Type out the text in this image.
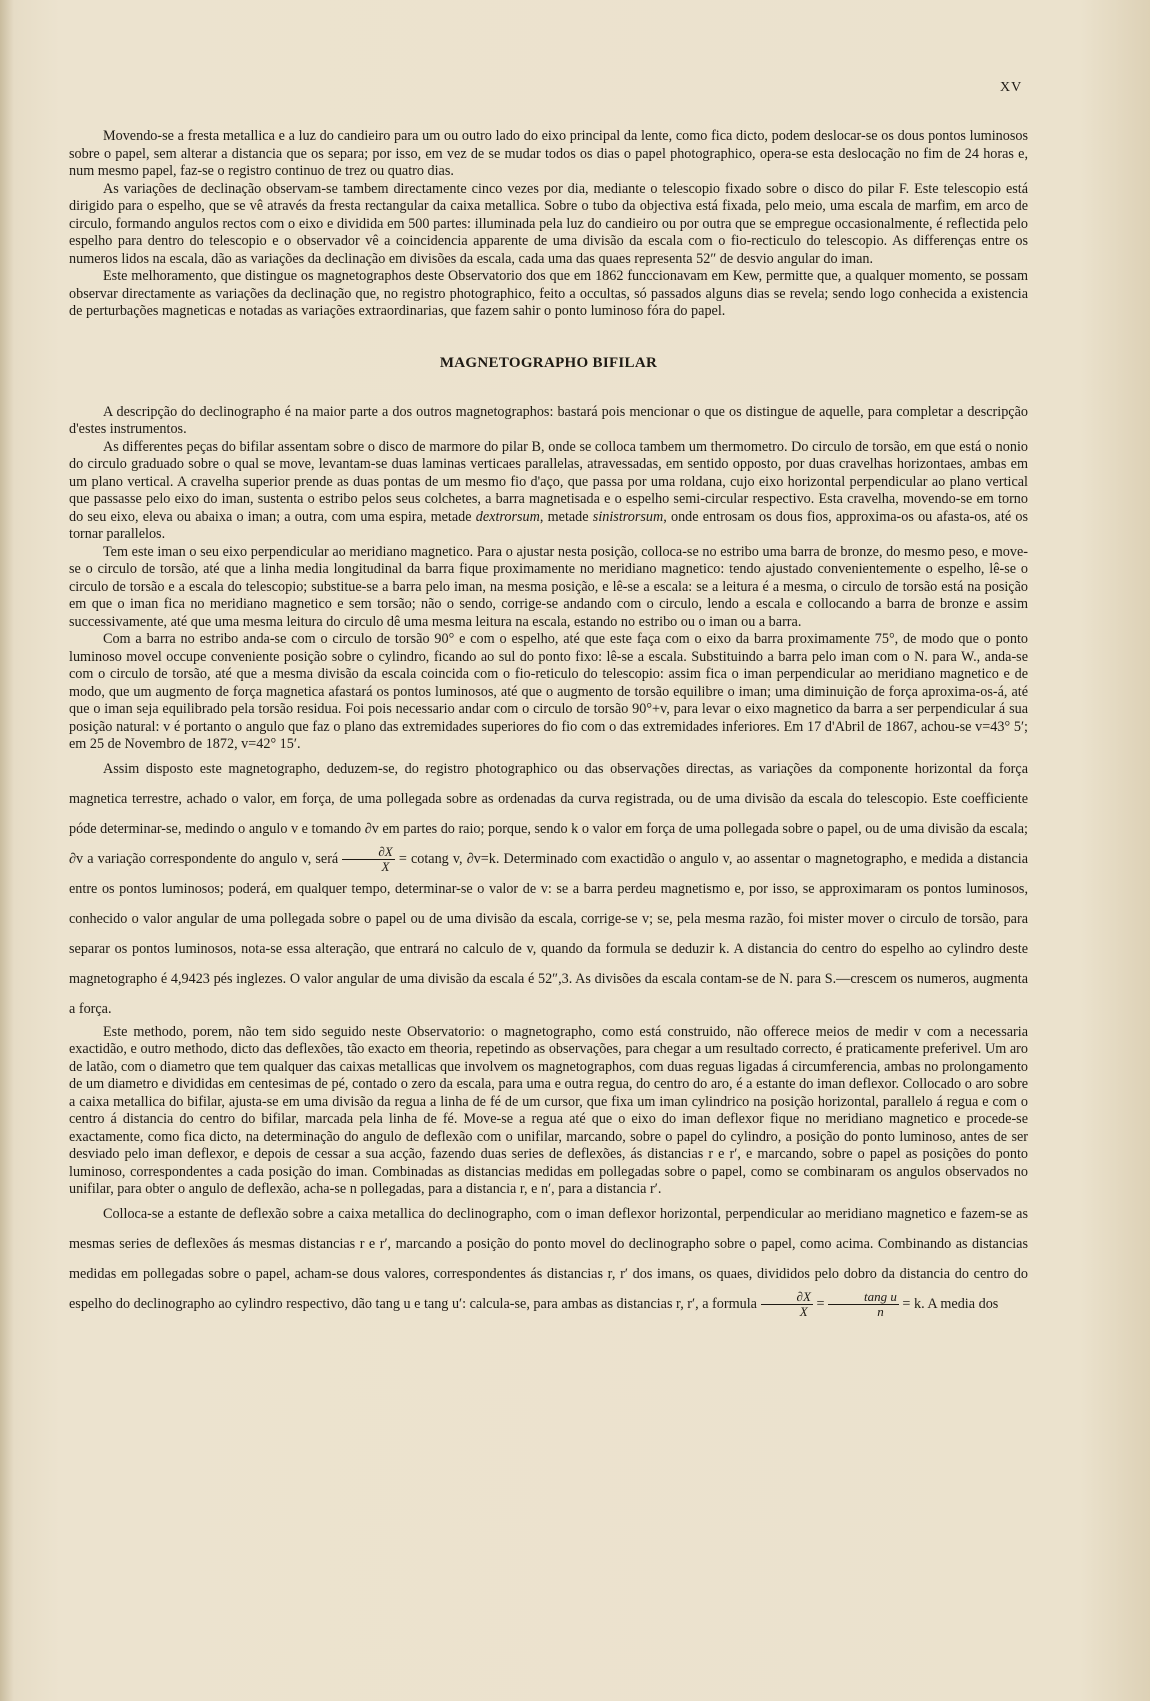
XV

Movendo-se a fresta metallica e a luz do candieiro para um ou outro lado do eixo principal da lente, como fica dicto, podem deslocar-se os dous pontos luminosos sobre o papel, sem alterar a distancia que os separa; por isso, em vez de se mudar todos os dias o papel photographico, opera-se esta deslocação no fim de 24 horas e, num mesmo papel, faz-se o registro continuo de trez ou quatro dias.

As variações de declinação observam-se tambem directamente cinco vezes por dia, mediante o telescopio fixado sobre o disco do pilar F. Este telescopio está dirigido para o espelho, que se vê através da fresta rectangular da caixa metallica. Sobre o tubo da objectiva está fixada, pelo meio, uma escala de marfim, em arco de circulo, formando angulos rectos com o eixo e dividida em 500 partes: illuminada pela luz do candieiro ou por outra que se empregue occasionalmente, é reflectida pelo espelho para dentro do telescopio e o observador vê a coincidencia apparente de uma divisão da escala com o fio-recticulo do telescopio. As differenças entre os numeros lidos na escala, dão as variações da declinação em divisões da escala, cada uma das quaes representa 52″ de desvio angular do iman.

Este melhoramento, que distingue os magnetographos deste Observatorio dos que em 1862 funccionavam em Kew, permitte que, a qualquer momento, se possam observar directamente as variações da declinação que, no registro photographico, feito a occultas, só passados alguns dias se revela; sendo logo conhecida a existencia de perturbações magneticas e notadas as variações extraordinarias, que fazem sahir o ponto luminoso fóra do papel.

MAGNETOGRAPHO BIFILAR

A descripção do declinographo é na maior parte a dos outros magnetographos: bastará pois mencionar o que os distingue de aquelle, para completar a descripção d'estes instrumentos.

As differentes peças do bifilar assentam sobre o disco de marmore do pilar B, onde se colloca tambem um thermometro. Do circulo de torsão, em que está o nonio do circulo graduado sobre o qual se move, levantam-se duas laminas verticaes parallelas, atravessadas, em sentido opposto, por duas cravelhas horizontaes, ambas em um plano vertical. A cravelha superior prende as duas pontas de um mesmo fio d'aço, que passa por uma roldana, cujo eixo horizontal perpendicular ao plano vertical que passasse pelo eixo do iman, sustenta o estribo pelos seus colchetes, a barra magnetisada e o espelho semi-circular respectivo. Esta cravelha, movendo-se em torno do seu eixo, eleva ou abaixa o iman; a outra, com uma espira, metade dextrorsum, metade sinistrorsum, onde entrosam os dous fios, approxima-os ou afasta-os, até os tornar parallelos.

Tem este iman o seu eixo perpendicular ao meridiano magnetico. Para o ajustar nesta posição, colloca-se no estribo uma barra de bronze, do mesmo peso, e move-se o circulo de torsão, até que a linha media longitudinal da barra fique proximamente no meridiano magnetico: tendo ajustado convenientemente o espelho, lê-se o circulo de torsão e a escala do telescopio; substitue-se a barra pelo iman, na mesma posição, e lê-se a escala: se a leitura é a mesma, o circulo de torsão está na posição em que o iman fica no meridiano magnetico e sem torsão; não o sendo, corrige-se andando com o circulo, lendo a escala e collocando a barra de bronze e assim successivamente, até que uma mesma leitura do circulo dê uma mesma leitura na escala, estando no estribo ou o iman ou a barra.

Com a barra no estribo anda-se com o circulo de torsão 90° e com o espelho, até que este faça com o eixo da barra proximamente 75°, de modo que o ponto luminoso movel occupe conveniente posição sobre o cylindro, ficando ao sul do ponto fixo: lê-se a escala. Substituindo a barra pelo iman com o N. para W., anda-se com o circulo de torsão, até que a mesma divisão da escala coincida com o fio-reticulo do telescopio: assim fica o iman perpendicular ao meridiano magnetico e de modo, que um augmento de força magnetica afastará os pontos luminosos, até que o augmento de torsão equilibre o iman; uma diminuição de força aproxima-os-á, até que o iman seja equilibrado pela torsão residua. Foi pois necessario andar com o circulo de torsão 90°+v, para levar o eixo magnetico da barra a ser perpendicular á sua posição natural: v é portanto o angulo que faz o plano das extremidades superiores do fio com o das extremidades inferiores. Em 17 d'Abril de 1867, achou-se v=43° 5′; em 25 de Novembro de 1872, v=42° 15′.

Assim disposto este magnetographo, deduzem-se, do registro photographico ou das observações directas, as variações da componente horizontal da força magnetica terrestre, achado o valor, em força, de uma pollegada sobre as ordenadas da curva registrada, ou de uma divisão da escala do telescopio. Este coefficiente póde determinar-se, medindo o angulo v e tomando ∂v em partes do raio; porque, sendo k o valor em força de uma pollegada sobre o papel, ou de uma divisão da escala; ∂v a variação correspondente do angulo v, será $\frac{\partial X}{X} = cotang$ v, ∂v=k. Determinado com exactidão o angulo v, ao assentar o magnetographo, e medida a distancia entre os pontos luminosos; poderá, em qualquer tempo, determinar-se o valor de v: se a barra perdeu magnetismo e, por isso, se approximaram os pontos luminosos, conhecido o valor angular de uma pollegada sobre o papel ou de uma divisão da escala, corrige-se v; se, pela mesma razão, foi mister mover o circulo de torsão, para separar os pontos luminosos, nota-se essa alteração, que entrará no calculo de v, quando da formula se deduzir k. A distancia do centro do espelho ao cylindro deste magnetographo é 4,9423 pés inglezes. O valor angular de uma divisão da escala é 52″,3. As divisões da escala contam-se de N. para S.—crescem os numeros, augmenta a força.

Este methodo, porem, não tem sido seguido neste Observatorio: o magnetographo, como está construido, não offerece meios de medir v com a necessaria exactidão, e outro methodo, dicto das deflexões, tão exacto em theoria, repetindo as observações, para chegar a um resultado correcto, é praticamente preferivel. Um aro de latão, com o diametro que tem qualquer das caixas metallicas que involvem os magnetographos, com duas reguas ligadas á circumferencia, ambas no prolongamento de um diametro e divididas em centesimas de pé, contado o zero da escala, para uma e outra regua, do centro do aro, é a estante do iman deflexor. Collocado o aro sobre a caixa metallica do bifilar, ajusta-se em uma divisão da regua a linha de fé de um cursor, que fixa um iman cylindrico na posição horizontal, parallelo á regua e com o centro á distancia do centro do bifilar, marcada pela linha de fé. Move-se a regua até que o eixo do iman deflexor fique no meridiano magnetico e procede-se exactamente, como fica dicto, na determinação do angulo de deflexão com o unifilar, marcando, sobre o papel do cylindro, a posição do ponto luminoso, antes de ser desviado pelo iman deflexor, e depois de cessar a sua acção, fazendo duas series de deflexões, ás distancias r e r′, e marcando, sobre o papel as posições do ponto luminoso, correspondentes a cada posição do iman. Combinadas as distancias medidas em pollegadas sobre o papel, como se combinaram os angulos observados no unifilar, para obter o angulo de deflexão, acha-se n pollegadas, para a distancia r, e n′, para a distancia r′.

Colloca-se a estante de deflexão sobre a caixa metallica do declinographo, com o iman deflexor horizontal, perpendicular ao meridiano magnetico e fazem-se as mesmas series de deflexões ás mesmas distancias r e r′, marcando a posição do ponto movel do declinographo sobre o papel, como acima. Combinando as distancias medidas em pollegadas sobre o papel, acham-se dous valores, correspondentes ás distancias r, r′ dos imans, os quaes, divididos pelo dobro da distancia do centro do espelho do declinographo ao cylindro respectivo, dão tang u e tang u′: calcula-se, para ambas as distancias r, r′, a formula $\frac{\partial X}{X} = \frac{\text{tang u}}{n} = k$. A media dos
